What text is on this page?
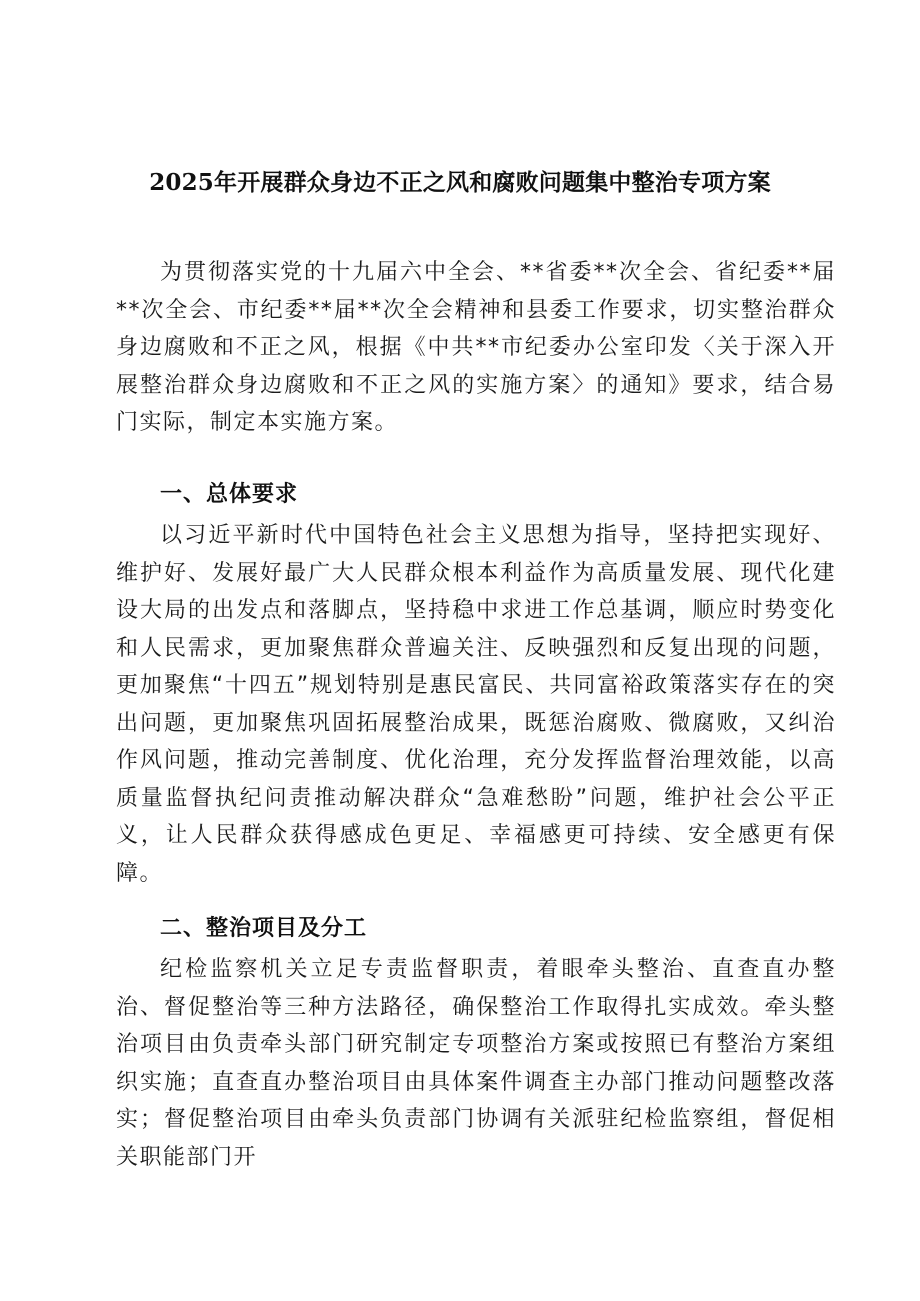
2025年开展群众身边不正之风和腐败问题集中整治专项方案

为贯彻落实党的十九届六中全会、**省委**次全会、省纪委**届**次全会、市纪委**届**次全会精神和县委工作要求，切实整治群众身边腐败和不正之风，根据《中共**市纪委办公室印发〈关于深入开展整治群众身边腐败和不正之风的实施方案〉的通知》要求，结合易门实际，制定本实施方案。

一、总体要求

以习近平新时代中国特色社会主义思想为指导，坚持把实现好、维护好、发展好最广大人民群众根本利益作为高质量发展、现代化建设大局的出发点和落脚点，坚持稳中求进工作总基调，顺应时势变化和人民需求，更加聚焦群众普遍关注、反映强烈和反复出现的问题，更加聚焦“十四五”规划特别是惠民富民、共同富裕政策落实存在的突出问题，更加聚焦巩固拓展整治成果，既惩治腐败、微腐败，又纠治作风问题，推动完善制度、优化治理，充分发挥监督治理效能，以高质量监督执纪问责推动解决群众“急难愁盼”问题，维护社会公平正义，让人民群众获得感成色更足、幸福感更可持续、安全感更有保障。

二、整治项目及分工

纪检监察机关立足专责监督职责，着眼牵头整治、直查直办整治、督促整治等三种方法路径，确保整治工作取得扎实成效。牵头整治项目由负责牵头部门研究制定专项整治方案或按照已有整治方案组织实施；直查直办整治项目由具体案件调查主办部门推动问题整改落实；督促整治项目由牵头负责部门协调有关派驻纪检监察组，督促相关职能部门开
